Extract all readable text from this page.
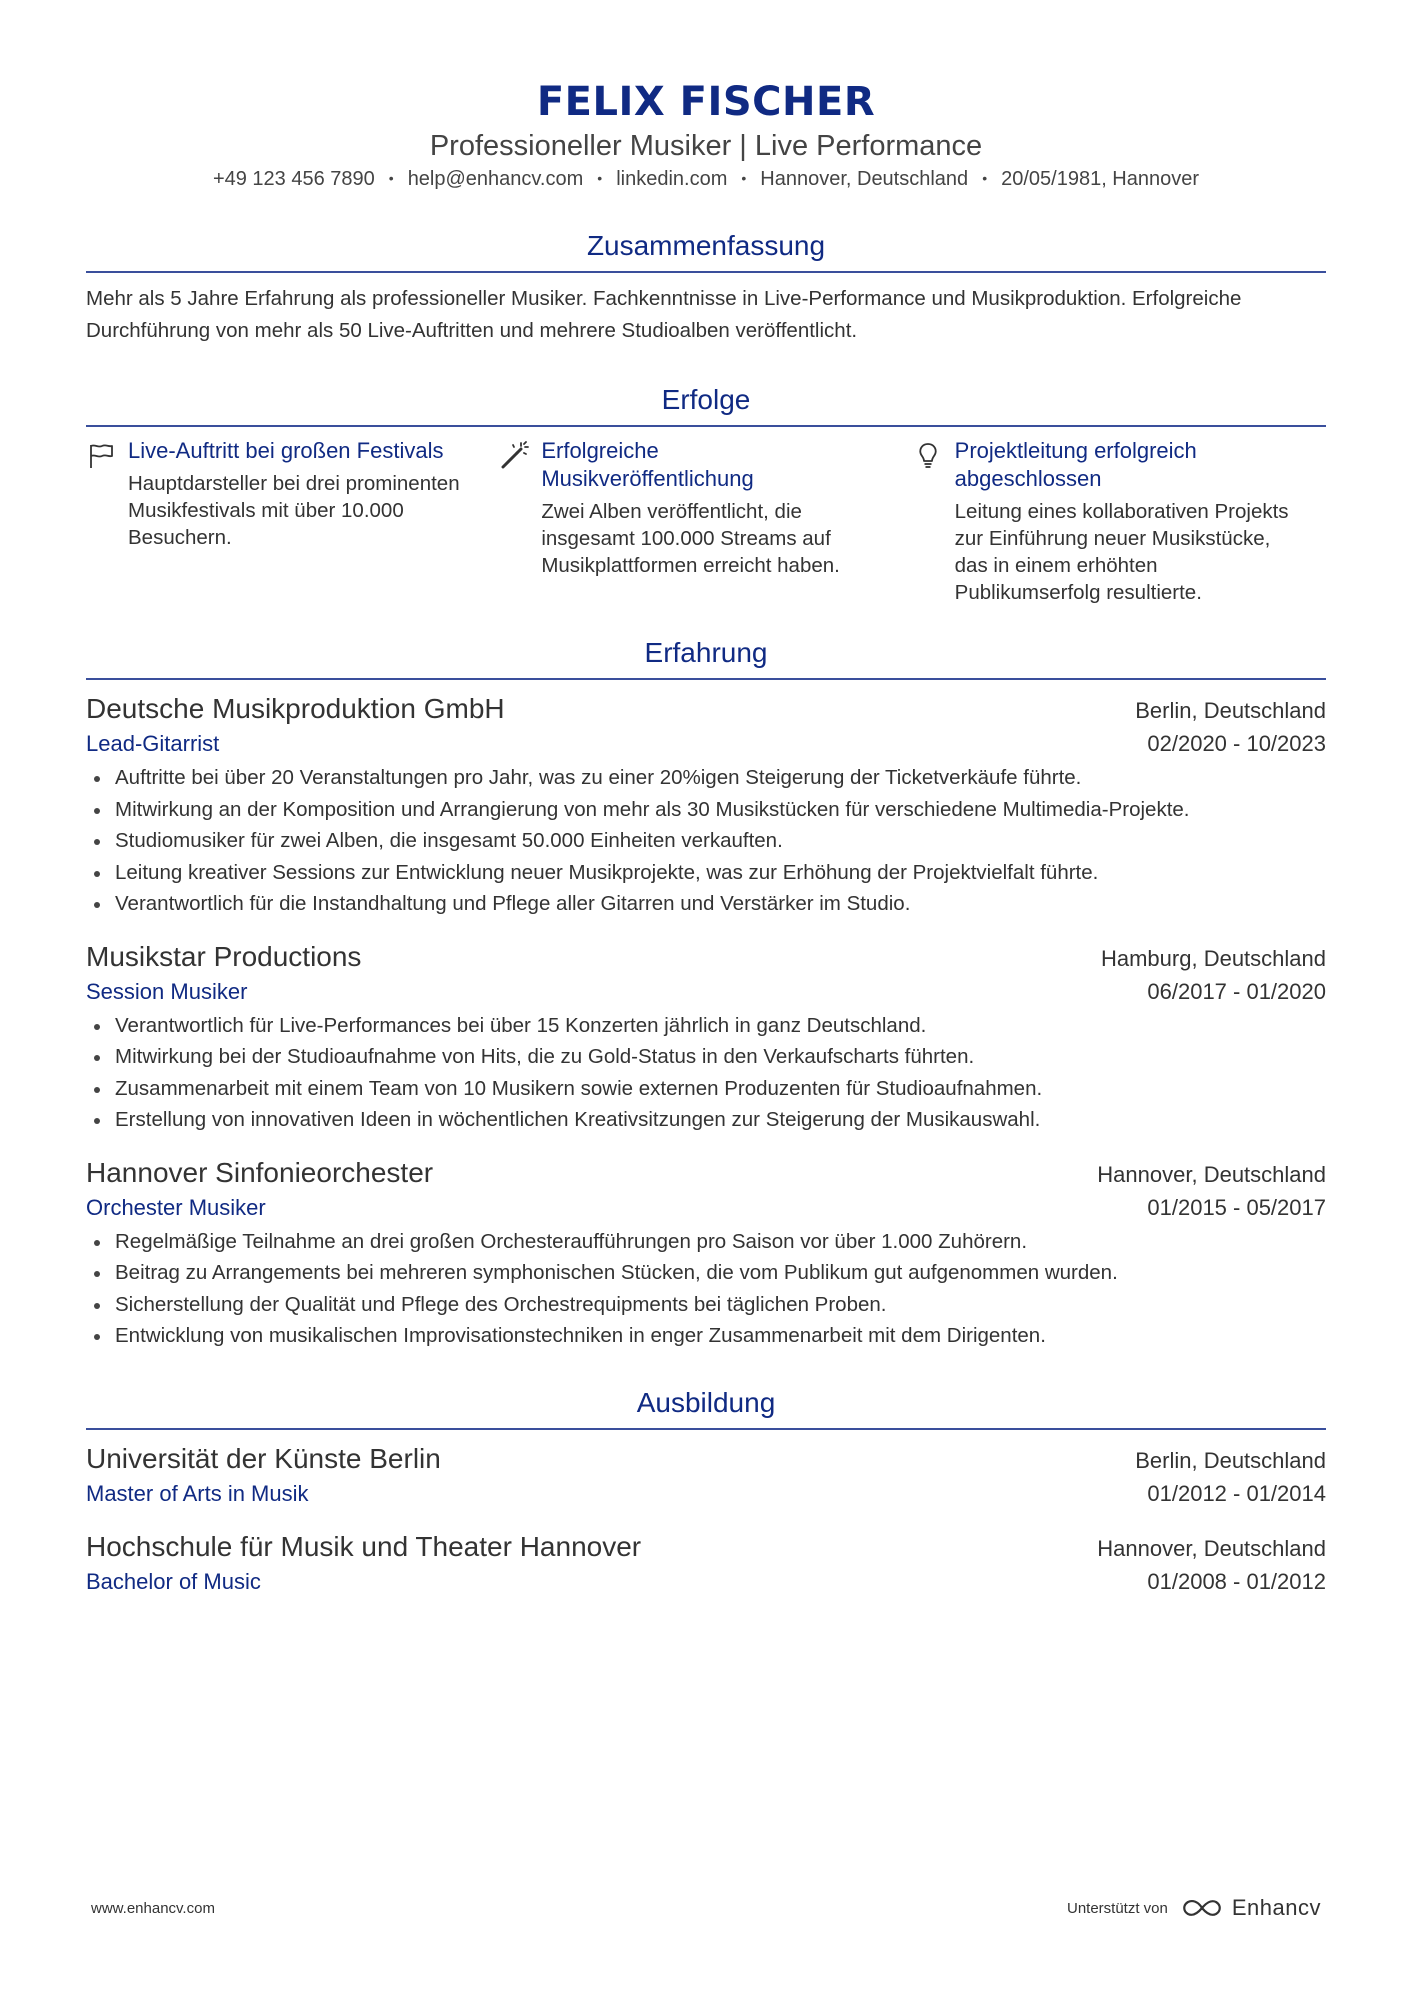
FELIX FISCHER
Professioneller Musiker | Live Performance
+49 123 456 7890 • help@enhancv.com • linkedin.com • Hannover, Deutschland • 20/05/1981, Hannover
Zusammenfassung
Mehr als 5 Jahre Erfahrung als professioneller Musiker. Fachkenntnisse in Live-Performance und Musikproduktion. Erfolgreiche Durchführung von mehr als 50 Live-Auftritten und mehrere Studioalben veröffentlicht.
Erfolge
Live-Auftritt bei großen Festivals
Hauptdarsteller bei drei prominenten Musikfestivals mit über 10.000 Besuchern.
Erfolgreiche Musikveröffentlichung
Zwei Alben veröffentlicht, die insgesamt 100.000 Streams auf Musikplattformen erreicht haben.
Projektleitung erfolgreich abgeschlossen
Leitung eines kollaborativen Projekts zur Einführung neuer Musikstücke, das in einem erhöhten Publikumserfolg resultierte.
Erfahrung
Deutsche Musikproduktion GmbH	Berlin, Deutschland
Lead-Gitarrist	02/2020 - 10/2023
Auftritte bei über 20 Veranstaltungen pro Jahr, was zu einer 20%igen Steigerung der Ticketverkäufe führte.
Mitwirkung an der Komposition und Arrangierung von mehr als 30 Musikstücken für verschiedene Multimedia-Projekte.
Studiomusiker für zwei Alben, die insgesamt 50.000 Einheiten verkauften.
Leitung kreativer Sessions zur Entwicklung neuer Musikprojekte, was zur Erhöhung der Projektvielfalt führte.
Verantwortlich für die Instandhaltung und Pflege aller Gitarren und Verstärker im Studio.
Musikstar Productions	Hamburg, Deutschland
Session Musiker	06/2017 - 01/2020
Verantwortlich für Live-Performances bei über 15 Konzerten jährlich in ganz Deutschland.
Mitwirkung bei der Studioaufnahme von Hits, die zu Gold-Status in den Verkaufscharts führten.
Zusammenarbeit mit einem Team von 10 Musikern sowie externen Produzenten für Studioaufnahmen.
Erstellung von innovativen Ideen in wöchentlichen Kreativsitzungen zur Steigerung der Musikauswahl.
Hannover Sinfonieorchester	Hannover, Deutschland
Orchester Musiker	01/2015 - 05/2017
Regelmäßige Teilnahme an drei großen Orchesteraufführungen pro Saison vor über 1.000 Zuhörern.
Beitrag zu Arrangements bei mehreren symphonischen Stücken, die vom Publikum gut aufgenommen wurden.
Sicherstellung der Qualität und Pflege des Orchestrequipments bei täglichen Proben.
Entwicklung von musikalischen Improvisationstechniken in enger Zusammenarbeit mit dem Dirigenten.
Ausbildung
Universität der Künste Berlin	Berlin, Deutschland
Master of Arts in Musik	01/2012 - 01/2014
Hochschule für Musik und Theater Hannover	Hannover, Deutschland
Bachelor of Music	01/2008 - 01/2012
www.enhancv.com	Unterstützt von	Enhancv
